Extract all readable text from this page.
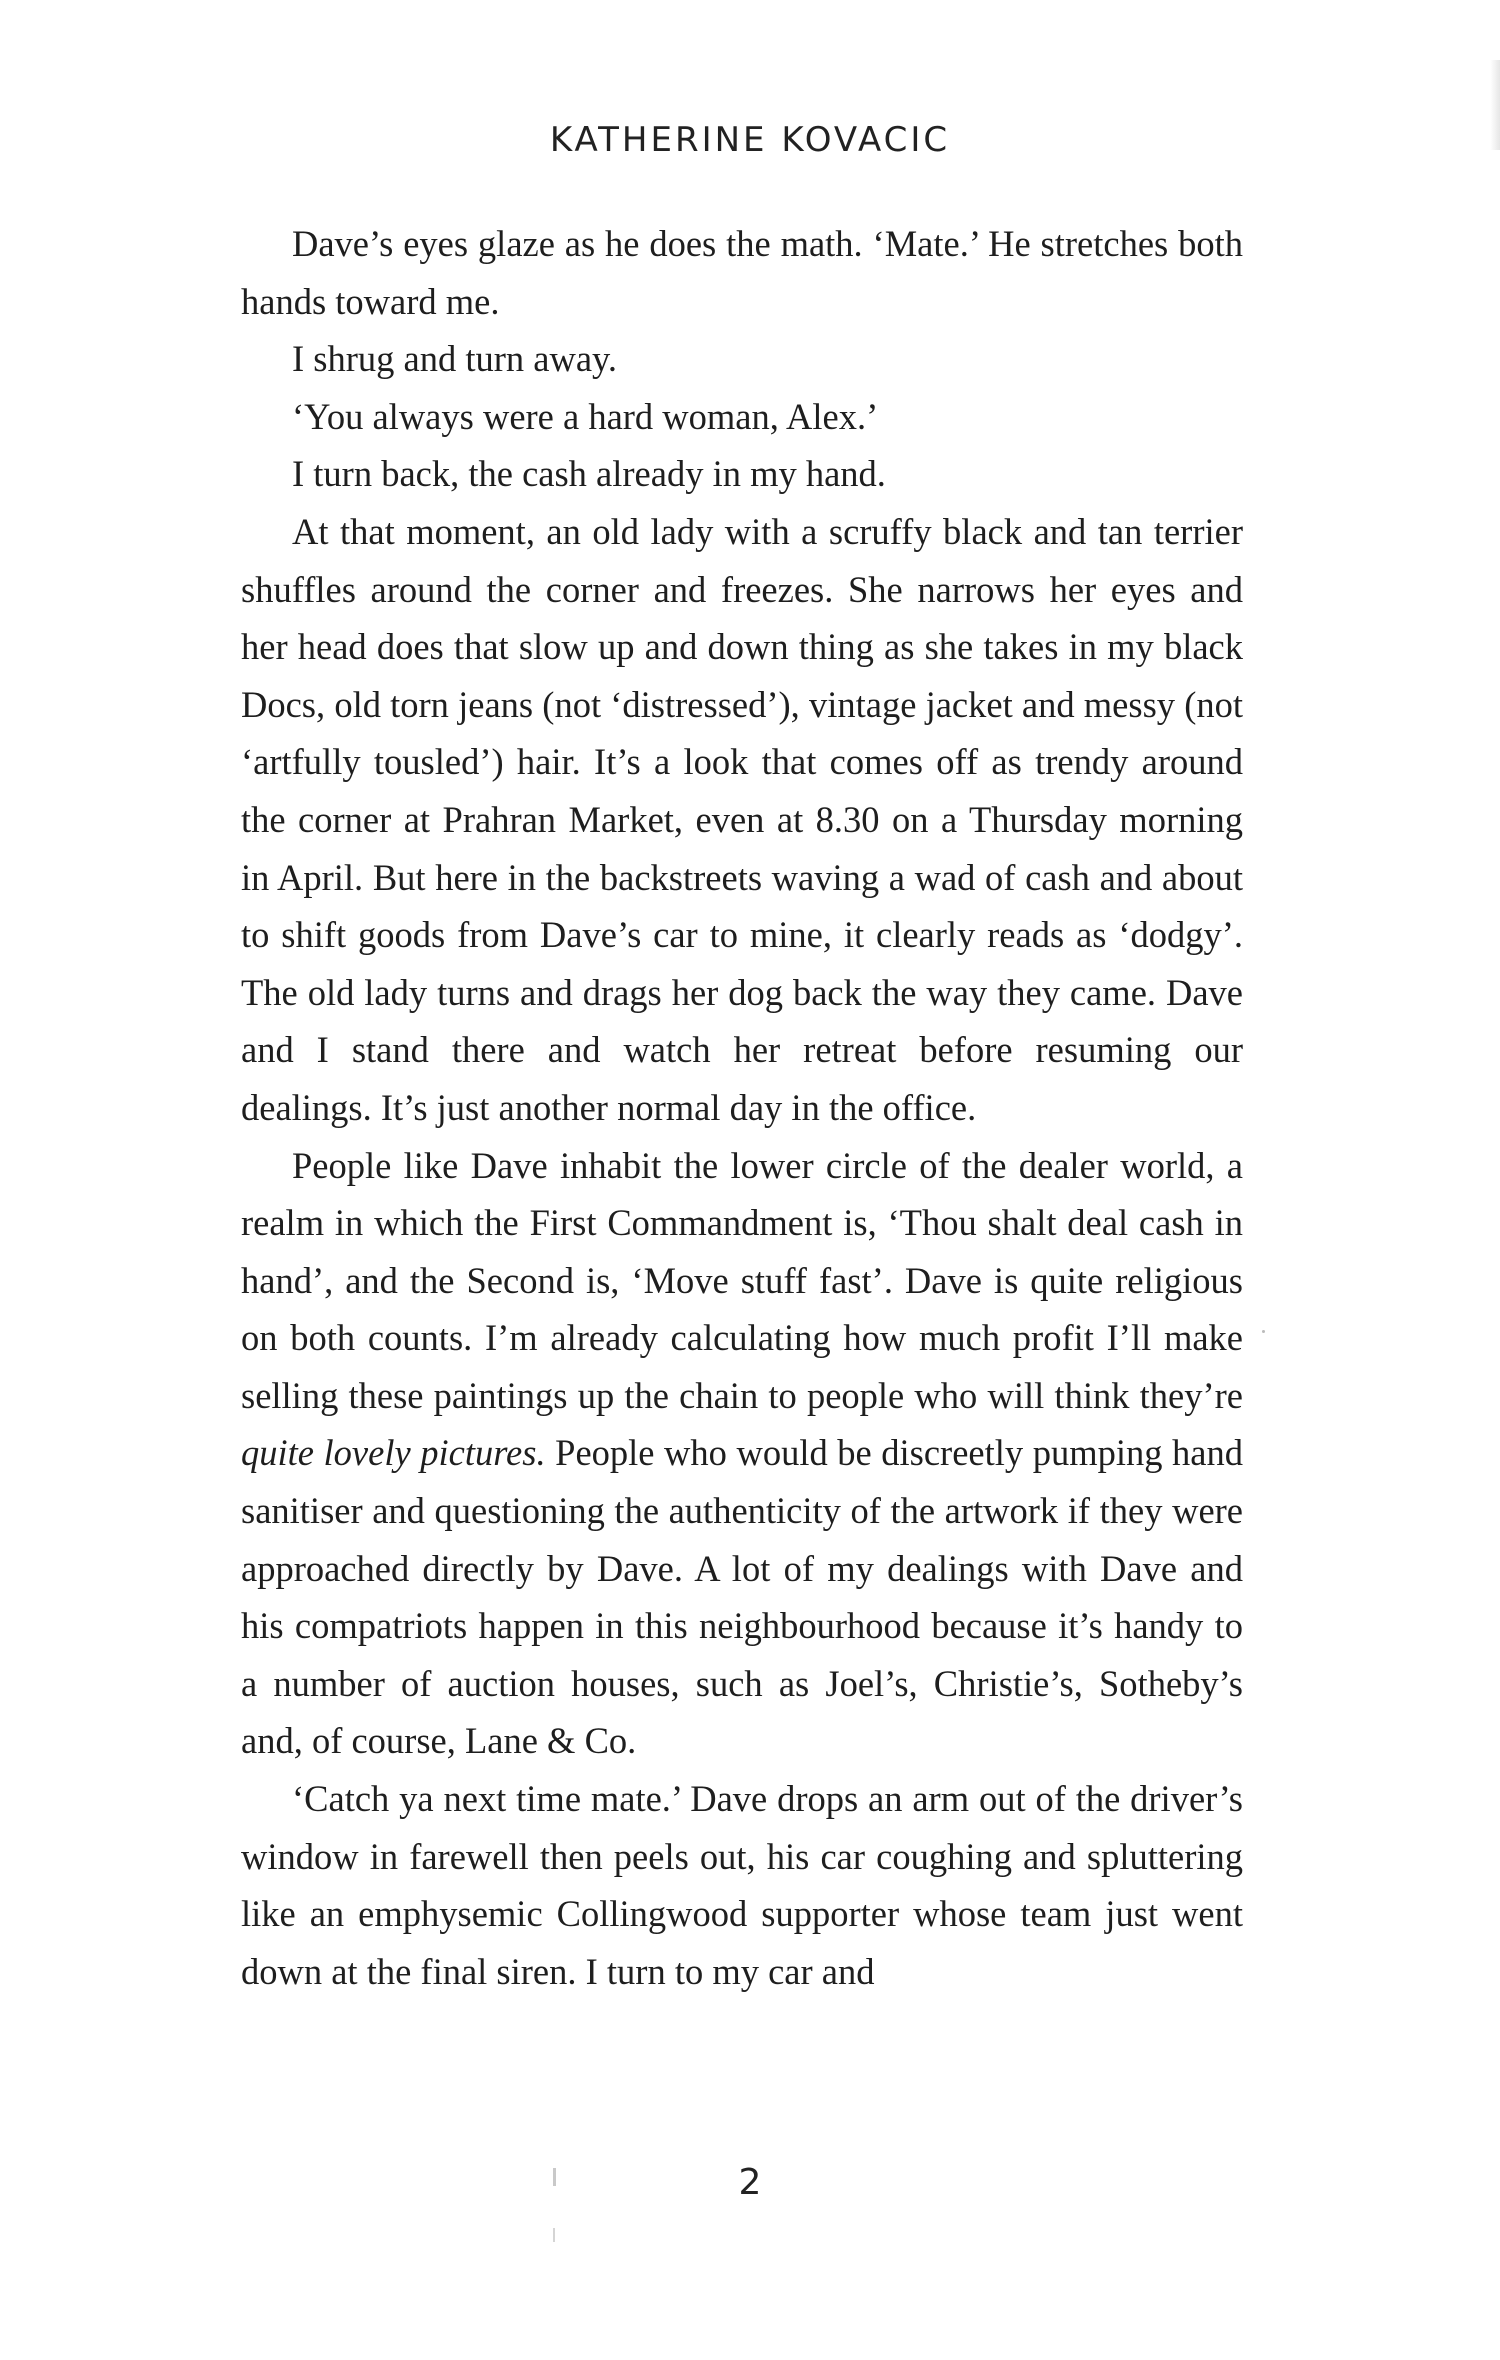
KATHERINE KOVACIC

Dave’s eyes glaze as he does the math. ‘Mate.’ He stretches both hands toward me.

I shrug and turn away.

‘You always were a hard woman, Alex.’

I turn back, the cash already in my hand.

At that moment, an old lady with a scruffy black and tan terrier shuffles around the corner and freezes. She narrows her eyes and her head does that slow up and down thing as she takes in my black Docs, old torn jeans (not ‘distressed’), vintage jacket and messy (not ‘artfully tousled’) hair. It’s a look that comes off as trendy around the corner at Prahran Market, even at 8.30 on a Thursday morning in April. But here in the backstreets waving a wad of cash and about to shift goods from Dave’s car to mine, it clearly reads as ‘dodgy’. The old lady turns and drags her dog back the way they came. Dave and I stand there and watch her retreat before resuming our dealings. It’s just another normal day in the office.

People like Dave inhabit the lower circle of the dealer world, a realm in which the First Commandment is, ‘Thou shalt deal cash in hand’, and the Second is, ‘Move stuff fast’. Dave is quite religious on both counts. I’m already calculating how much profit I’ll make selling these paintings up the chain to people who will think they’re quite lovely pictures. People who would be discreetly pumping hand sanitiser and questioning the authenticity of the artwork if they were approached directly by Dave. A lot of my dealings with Dave and his compatriots happen in this neighbourhood because it’s handy to a number of auction houses, such as Joel’s, Christie’s, Sotheby’s and, of course, Lane & Co.

‘Catch ya next time mate.’ Dave drops an arm out of the driver’s window in farewell then peels out, his car coughing and spluttering like an emphysemic Collingwood supporter whose team just went down at the final siren. I turn to my car and

2
